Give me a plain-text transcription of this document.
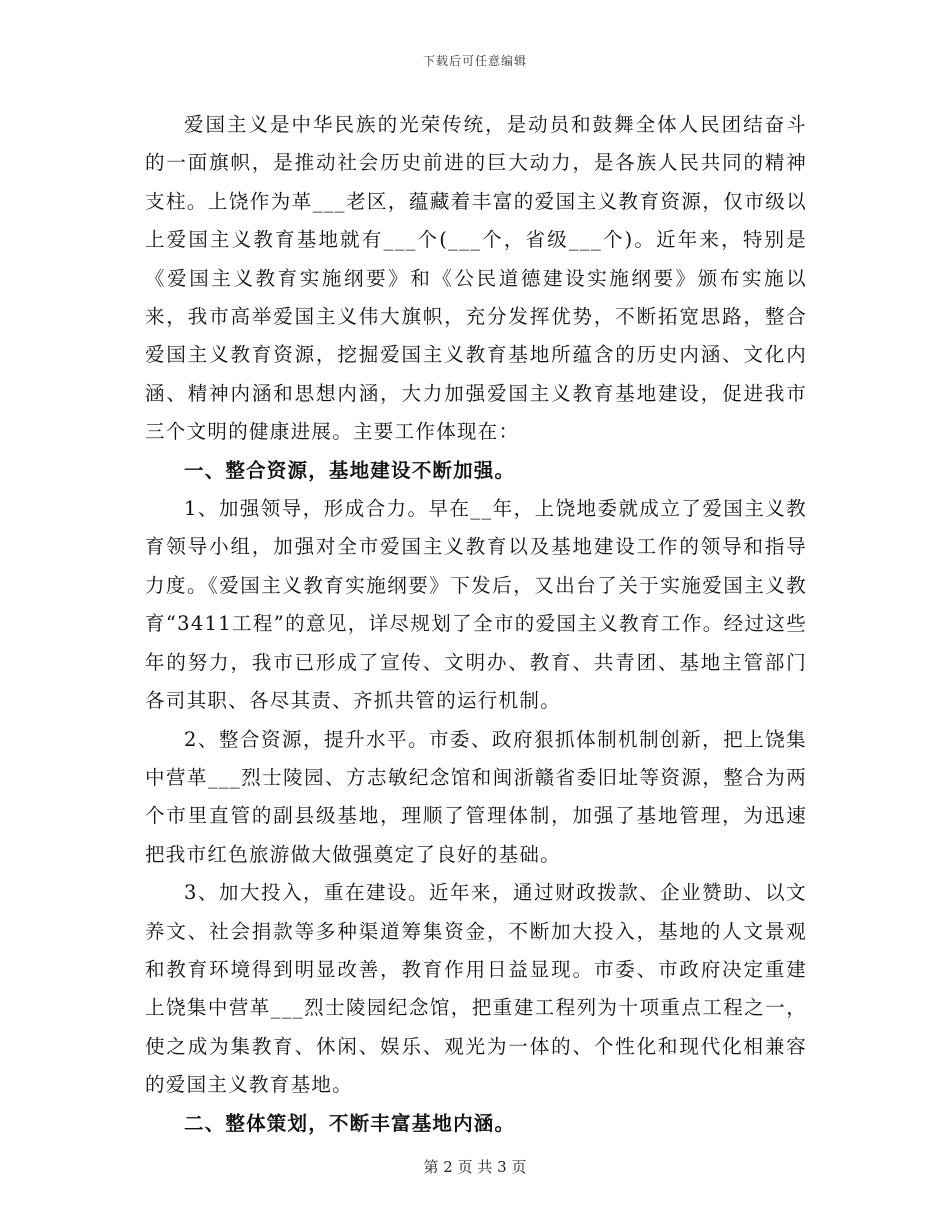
下载后可任意编辑

爱国主义是中华民族的光荣传统，是动员和鼓舞全体人民团结奋斗的一面旗帜，是推动社会历史前进的巨大动力，是各族人民共同的精神支柱。上饶作为革___老区，蕴藏着丰富的爱国主义教育资源，仅市级以上爱国主义教育基地就有___个(___个，省级___个)。近年来，特别是《爱国主义教育实施纲要》和《公民道德建设实施纲要》颁布实施以来，我市高举爱国主义伟大旗帜，充分发挥优势，不断拓宽思路，整合爱国主义教育资源，挖掘爱国主义教育基地所蕴含的历史内涵、文化内涵、精神内涵和思想内涵，大力加强爱国主义教育基地建设，促进我市三个文明的健康进展。主要工作体现在：

一、整合资源，基地建设不断加强。

1、加强领导，形成合力。早在__年，上饶地委就成立了爱国主义教育领导小组，加强对全市爱国主义教育以及基地建设工作的领导和指导力度。《爱国主义教育实施纲要》下发后，又出台了关于实施爱国主义教育“3411工程”的意见，详尽规划了全市的爱国主义教育工作。经过这些年的努力，我市已形成了宣传、文明办、教育、共青团、基地主管部门各司其职、各尽其责、齐抓共管的运行机制。

2、整合资源，提升水平。市委、政府狠抓体制机制创新，把上饶集中营革___烈士陵园、方志敏纪念馆和闽浙赣省委旧址等资源，整合为两个市里直管的副县级基地，理顺了管理体制，加强了基地管理，为迅速把我市红色旅游做大做强奠定了良好的基础。

3、加大投入，重在建设。近年来，通过财政拨款、企业赞助、以文养文、社会捐款等多种渠道筹集资金，不断加大投入，基地的人文景观和教育环境得到明显改善，教育作用日益显现。市委、市政府决定重建上饶集中营革___烈士陵园纪念馆，把重建工程列为十项重点工程之一，使之成为集教育、休闲、娱乐、观光为一体的、个性化和现代化相兼容的爱国主义教育基地。

二、整体策划，不断丰富基地内涵。

第 2 页 共 3 页
